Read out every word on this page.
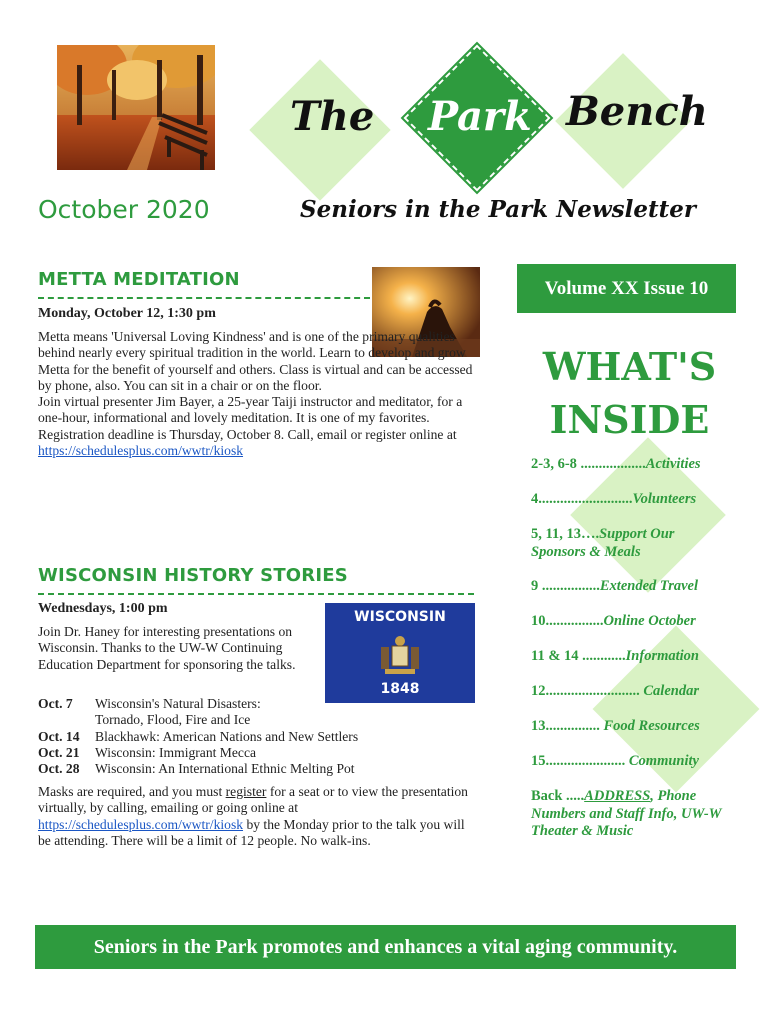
The Park Bench
October 2020	Seniors in the Park Newsletter
METTA MEDITATION
Monday, October 12, 1:30 pm
Metta means 'Universal Loving Kindness' and is one of the primary qualities behind nearly every spiritual tradition in the world. Learn to develop and grow Metta for the benefit of yourself and others. Class is virtual and can be accessed by phone, also. You can sit in a chair or on the floor.
Join virtual presenter Jim Bayer, a 25-year Taiji instructor and meditator, for a one-hour, informational and lovely meditation. It is one of my favorites.
Registration deadline is Thursday, October 8. Call, email or register online at https://schedulesplus.com/wwtr/kiosk
WISCONSIN HISTORY STORIES
Wednesdays, 1:00 pm
Join Dr. Haney for interesting presentations on Wisconsin. Thanks to the UW-W Continuing Education Department for sponsoring the talks.
WISCONSIN
1848
Oct. 7	Wisconsin's Natural Disasters: Tornado, Flood, Fire and Ice

Oct. 14	Blackhawk: American Nations and New Settlers
Oct. 21	Wisconsin: Immigrant Mecca
Oct. 28	Wisconsin: An International Ethnic Melting Pot
Masks are required, and you must register for a seat or to view the presentation virtually, by calling, emailing or going online at https://schedulesplus.com/wwtr/kiosk by the Monday prior to the talk you will be attending. There will be a limit of 12 people. No walk-ins.
Volume XX Issue 10
WHAT'S
INSIDE
2-3, 6-8 ..................Activities
4..........................Volunteers
5, 11, 13….Support Our Sponsors & Meals
9 ................Extended Travel
10................Online October
11 & 14 ............Information
12.......................... Calendar
13............... Food Resources
15...................... Community
Back .....ADDRESS, Phone Numbers and Staff Info, UW-W Theater & Music
Seniors in the Park promotes and enhances a vital aging community.
